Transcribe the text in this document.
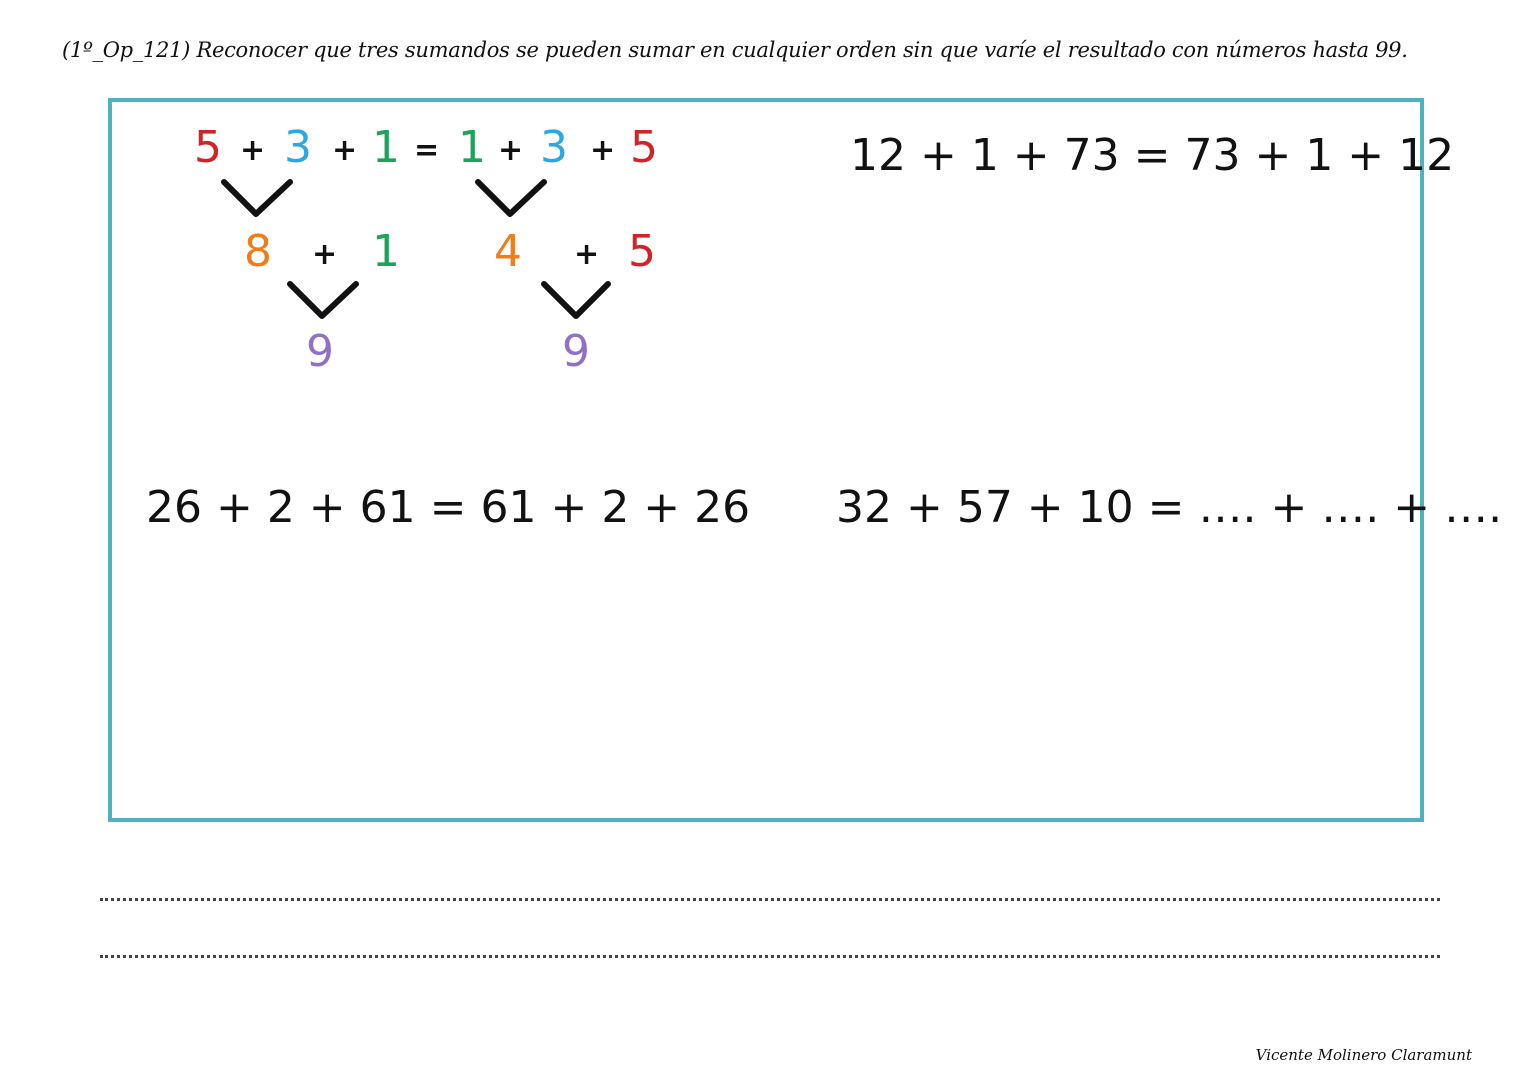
(1º_Op_121) Reconocer que tres sumandos se pueden sumar en cualquier orden sin que varíe el resultado con números hasta 99.
5 + 3 + 1 = 1 + 3 + 5
8 + 1 4 + 5
9	9
12 + 1 + 73 = 73 + 1 + 12
26 + 2 + 61 = 61 + 2 + 26 32 + 57 + 10 = …. + …. + ….
Vicente Molinero Claramunt
